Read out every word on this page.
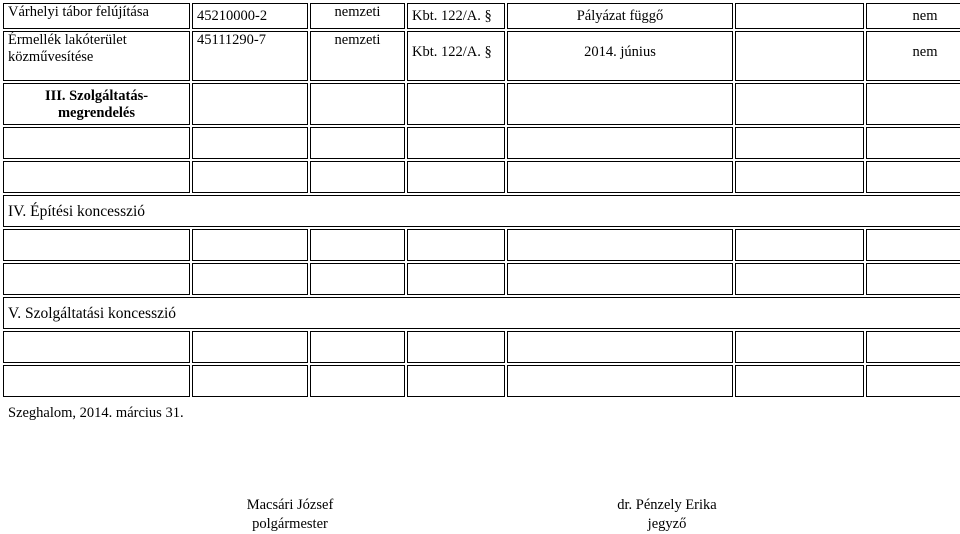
Várhelyi tábor felújítása	45210000-2	nemzeti	Kbt. 122/A. §	Pályázat függő		nem
Érmellék lakóterület közművesítése	45111290-7	nemzeti	Kbt. 122/A. §	2014. június		nem
III. Szolgáltatás-megrendelés						

IV. Építési koncesszió						

V. Szolgáltatási koncesszió						

Szeghalom, 2014. március 31.
Macsári József
polgármester
dr. Pénzely Erika
jegyző
